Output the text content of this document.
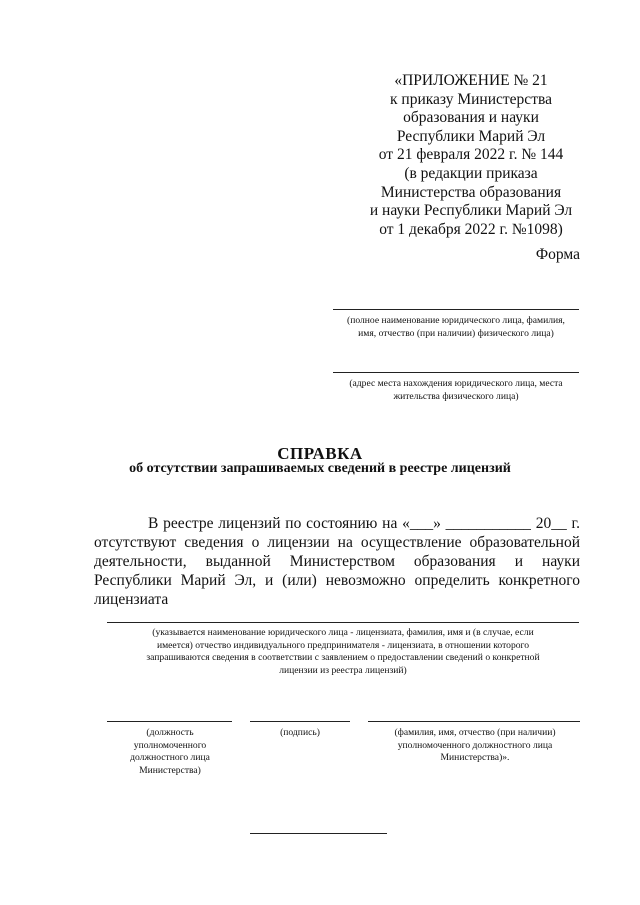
«ПРИЛОЖЕНИЕ № 21
к приказу Министерства
образования и науки
Республики Марий Эл
от 21 февраля 2022 г. № 144
(в редакции приказа
Министерства образования
и науки Республики Марий Эл
от 1 декабря 2022 г. №1098)
Форма
(полное наименование юридического лица, фамилия,
имя, отчество (при наличии) физического лица)
(адрес места нахождения юридического лица, места
жительства физического лица)
СПРАВКА
об отсутствии запрашиваемых сведений в реестре лицензий
В реестре лицензий по состоянию на «___» ___________ 20__ г. отсутствуют сведения о лицензии на осуществление образовательной деятельности, выданной Министерством образования и науки Республики Марий Эл, и (или) невозможно определить конкретного лицензиата
(указывается наименование юридического лица - лицензиата, фамилия, имя и (в случае, если
имеется) отчество индивидуального предпринимателя - лицензиата, в отношении которого
запрашиваются сведения в соответствии с заявлением о предоставлении сведений о конкретной
лицензии из реестра лицензий)
(должность
уполномоченного
должностного лица
Министерства)
(подпись)	(фамилия, имя, отчество (при наличии)
уполномоченного должностного лица
Министерства)».
